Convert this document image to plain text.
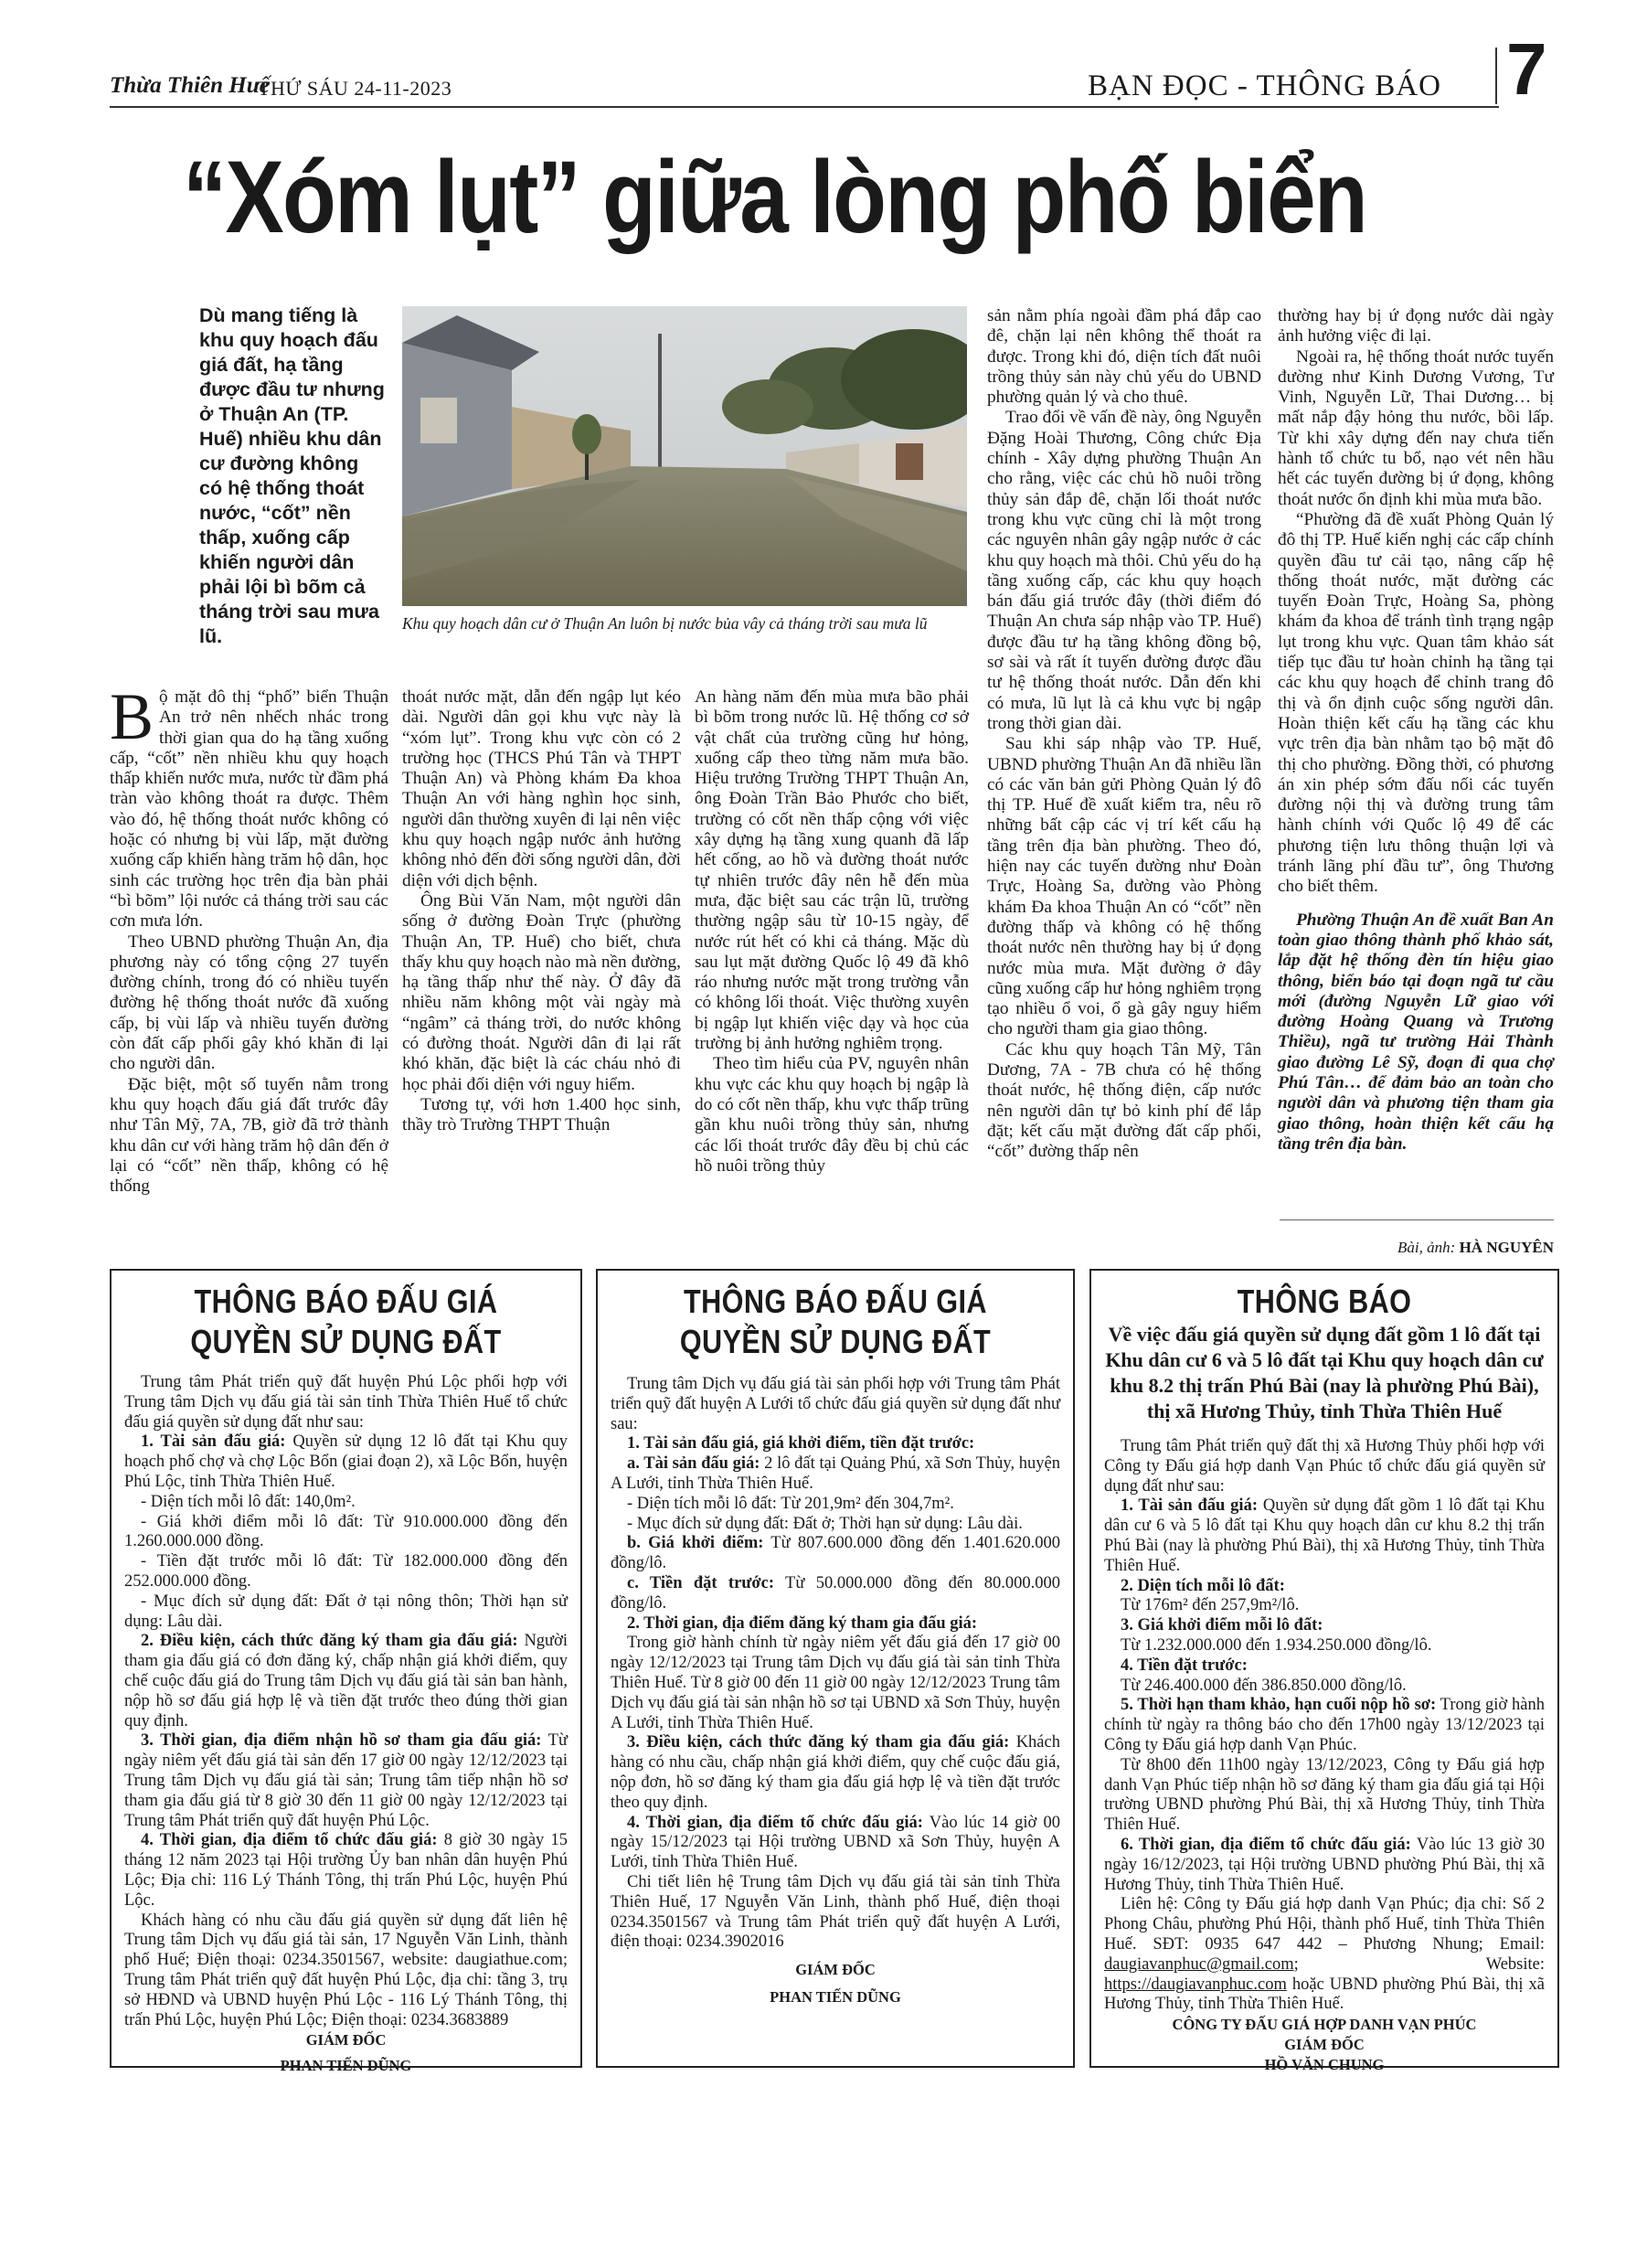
Thừa Thiên Huế
THỨ SÁU 24-11-2023	BẠN ĐỌC - THÔNG BÁO 7
“Xóm lụt” giữa lòng phố biển
Dù mang tiếng là khu quy hoạch đấu giá đất, hạ tầng được đầu tư nhưng ở Thuận An (TP. Huế) nhiều khu dân cư đường không có hệ thống thoát nước, “cốt” nền thấp, xuống cấp khiến người dân phải lội bì bõm cả tháng trời sau mưa lũ.
Khu quy hoạch dân cư ở Thuận An luôn bị nước bủa vây cả tháng trời sau mưa lũ

Bộ mặt đô thị “phố” biển Thuận An trở nên nhếch nhác trong thời gian qua do hạ tầng xuống cấp, “cốt” nền nhiều khu quy hoạch thấp khiến nước mưa, nước từ đầm phá tràn vào không thoát ra được. Thêm vào đó, hệ thống thoát nước không có hoặc có nhưng bị vùi lấp, mặt đường xuống cấp khiến hàng trăm hộ dân, học sinh các trường học trên địa bàn phải “bì bõm” lội nước cả tháng trời sau các cơn mưa lớn.

Theo UBND phường Thuận An, địa phương này có tổng cộng 27 tuyến đường chính, trong đó có nhiều tuyến đường hệ thống thoát nước đã xuống cấp, bị vùi lấp và nhiều tuyến đường còn đất cấp phối gây khó khăn đi lại cho người dân.

Đặc biệt, một số tuyến nằm trong khu quy hoạch đấu giá đất trước đây như Tân Mỹ, 7A, 7B, giờ đã trở thành khu dân cư với hàng trăm hộ dân đến ở lại có “cốt” nền thấp, không có hệ thống

thoát nước mặt, dẫn đến ngập lụt kéo dài. Người dân gọi khu vực này là “xóm lụt”. Trong khu vực còn có 2 trường học (THCS Phú Tân và THPT Thuận An) và Phòng khám Đa khoa Thuận An với hàng nghìn học sinh, người dân thường xuyên đi lại nên việc khu quy hoạch ngập nước ảnh hưởng không nhỏ đến đời sống người dân, đời diện với dịch bệnh.

Ông Bùi Văn Nam, một người dân sống ở đường Đoàn Trực (phường Thuận An, TP. Huế) cho biết, chưa thấy khu quy hoạch nào mà nền đường, hạ tầng thấp như thế này. Ở đây đã nhiều năm không một vài ngày mà “ngâm” cả tháng trời, do nước không có đường thoát. Người dân đi lại rất khó khăn, đặc biệt là các cháu nhỏ đi học phải đối diện với nguy hiểm.

Tương tự, với hơn 1.400 học sinh, thầy trò Trường THPT Thuận

An hàng năm đến mùa mưa bão phải bì bõm trong nước lũ. Hệ thống cơ sở vật chất của trường cũng hư hỏng, xuống cấp theo từng năm mưa bão. Hiệu trưởng Trường THPT Thuận An, ông Đoàn Trần Bảo Phước cho biết, trường có cốt nền thấp cộng với việc xây dựng hạ tầng xung quanh đã lấp hết cống, ao hồ và đường thoát nước tự nhiên trước đây nên hễ đến mùa mưa, đặc biệt sau các trận lũ, trường thường ngập sâu từ 10-15 ngày, để nước rút hết có khi cả tháng. Mặc dù sau lụt mặt đường Quốc lộ 49 đã khô ráo nhưng nước mặt trong trường vẫn có không lối thoát. Việc thường xuyên bị ngập lụt khiến việc dạy và học của trường bị ảnh hưởng nghiêm trọng.

Theo tìm hiểu của PV, nguyên nhân khu vực các khu quy hoạch bị ngập là do có cốt nền thấp, khu vực thấp trũng gần khu nuôi trồng thủy sản, nhưng các lối thoát trước đây đều bị chủ các hồ nuôi trồng thủy

sản nằm phía ngoài đầm phá đắp cao đê, chặn lại nên không thể thoát ra được. Trong khi đó, diện tích đất nuôi trồng thủy sản này chủ yếu do UBND phường quản lý và cho thuê.

Trao đổi về vấn đề này, ông Nguyễn Đặng Hoài Thương, Công chức Địa chính - Xây dựng phường Thuận An cho rằng, việc các chủ hồ nuôi trồng thủy sản đắp đê, chặn lối thoát nước trong khu vực cũng chỉ là một trong các nguyên nhân gây ngập nước ở các khu quy hoạch mà thôi. Chủ yếu do hạ tầng xuống cấp, các khu quy hoạch bán đấu giá trước đây (thời điểm đó Thuận An chưa sáp nhập vào TP. Huế) được đầu tư hạ tầng không đồng bộ, sơ sài và rất ít tuyến đường được đầu tư hệ thống thoát nước. Dẫn đến khi có mưa, lũ lụt là cả khu vực bị ngập trong thời gian dài.

Sau khi sáp nhập vào TP. Huế, UBND phường Thuận An đã nhiều lần có các văn bản gửi Phòng Quản lý đô thị TP. Huế đề xuất kiểm tra, nêu rõ những bất cập các vị trí kết cấu hạ tầng trên địa bàn phường. Theo đó, hiện nay các tuyến đường như Đoàn Trực, Hoàng Sa, đường vào Phòng khám Đa khoa Thuận An có “cốt” nền đường thấp và không có hệ thống thoát nước nên thường hay bị ứ đọng nước mùa mưa. Mặt đường ở đây cũng xuống cấp hư hỏng nghiêm trọng tạo nhiều ổ voi, ổ gà gây nguy hiểm cho người tham gia giao thông.

Các khu quy hoạch Tân Mỹ, Tân Dương, 7A - 7B chưa có hệ thống thoát nước, hệ thống điện, cấp nước nên người dân tự bỏ kinh phí để lắp đặt; kết cấu mặt đường đất cấp phối, “cốt” đường thấp nên

thường hay bị ứ đọng nước dài ngày ảnh hưởng việc đi lại.

Ngoài ra, hệ thống thoát nước tuyến đường như Kinh Dương Vương, Tư Vinh, Nguyễn Lữ, Thai Dương… bị mất nắp đậy hỏng thu nước, bồi lấp. Từ khi xây dựng đến nay chưa tiến hành tổ chức tu bổ, nạo vét nên hầu hết các tuyến đường bị ứ đọng, không thoát nước ổn định khi mùa mưa bão.

“Phường đã đề xuất Phòng Quản lý đô thị TP. Huế kiến nghị các cấp chính quyền đầu tư cải tạo, nâng cấp hệ thống thoát nước, mặt đường các tuyến Đoàn Trực, Hoàng Sa, phòng khám đa khoa để tránh tình trạng ngập lụt trong khu vực. Quan tâm khảo sát tiếp tục đầu tư hoàn chỉnh hạ tầng tại các khu quy hoạch để chỉnh trang đô thị và ổn định cuộc sống người dân. Hoàn thiện kết cấu hạ tầng các khu vực trên địa bàn nhằm tạo bộ mặt đô thị cho phường. Đồng thời, có phương án xin phép sớm đấu nối các tuyến đường nội thị và đường trung tâm hành chính với Quốc lộ 49 để các phương tiện lưu thông thuận lợi và tránh lãng phí đầu tư”, ông Thương cho biết thêm.

Phường Thuận An đề xuất Ban An toàn giao thông thành phố khảo sát, lắp đặt hệ thống đèn tín hiệu giao thông, biển báo tại đoạn ngã tư cầu mới (đường Nguyễn Lữ giao với đường Hoàng Quang và Trương Thiều), ngã tư trường Hải Thành giao đường Lê Sỹ, đoạn đi qua chợ Phú Tân… để đảm bảo an toàn cho người dân và phương tiện tham gia giao thông, hoàn thiện kết cấu hạ tầng trên địa bàn.

Bài, ảnh: HÀ NGUYÊN
THÔNG BÁO ĐẤU GIÁ
QUYỀN SỬ DỤNG ĐẤT

Trung tâm Phát triển quỹ đất huyện Phú Lộc phối hợp với Trung tâm Dịch vụ đấu giá tài sản tỉnh Thừa Thiên Huế tổ chức đấu giá quyền sử dụng đất như sau:

1. Tài sản đấu giá: Quyền sử dụng 12 lô đất tại Khu quy hoạch phố chợ và chợ Lộc Bổn (giai đoạn 2), xã Lộc Bổn, huyện Phú Lộc, tỉnh Thừa Thiên Huế.

- Diện tích mỗi lô đất: 140,0m².

- Giá khởi điểm mỗi lô đất: Từ 910.000.000 đồng đến 1.260.000.000 đồng.

- Tiền đặt trước mỗi lô đất: Từ 182.000.000 đồng đến 252.000.000 đồng.

- Mục đích sử dụng đất: Đất ở tại nông thôn; Thời hạn sử dụng: Lâu dài.

2. Điều kiện, cách thức đăng ký tham gia đấu giá: Người tham gia đấu giá có đơn đăng ký, chấp nhận giá khởi điểm, quy chế cuộc đấu giá do Trung tâm Dịch vụ đấu giá tài sản ban hành, nộp hồ sơ đấu giá hợp lệ và tiền đặt trước theo đúng thời gian quy định.

3. Thời gian, địa điểm nhận hồ sơ tham gia đấu giá: Từ ngày niêm yết đấu giá tài sản đến 17 giờ 00 ngày 12/12/2023 tại Trung tâm Dịch vụ đấu giá tài sản; Trung tâm tiếp nhận hồ sơ tham gia đấu giá từ 8 giờ 30 đến 11 giờ 00 ngày 12/12/2023 tại Trung tâm Phát triển quỹ đất huyện Phú Lộc.

4. Thời gian, địa điểm tổ chức đấu giá: 8 giờ 30 ngày 15 tháng 12 năm 2023 tại Hội trường Ủy ban nhân dân huyện Phú Lộc; Địa chỉ: 116 Lý Thánh Tông, thị trấn Phú Lộc, huyện Phú Lộc.

Khách hàng có nhu cầu đấu giá quyền sử dụng đất liên hệ Trung tâm Dịch vụ đấu giá tài sản, 17 Nguyễn Văn Linh, thành phố Huế; Điện thoại: 0234.3501567, website: daugiathue.com; Trung tâm Phát triển quỹ đất huyện Phú Lộc, địa chỉ: tầng 3, trụ sở HĐND và UBND huyện Phú Lộc - 116 Lý Thánh Tông, thị trấn Phú Lộc, huyện Phú Lộc; Điện thoại: 0234.3683889

GIÁM ĐỐC

PHAN TIẾN DŨNG

THÔNG BÁO ĐẤU GIÁ
QUYỀN SỬ DỤNG ĐẤT

Trung tâm Dịch vụ đấu giá tài sản phối hợp với Trung tâm Phát triển quỹ đất huyện A Lưới tổ chức đấu giá quyền sử dụng đất như sau:

1. Tài sản đấu giá, giá khởi điểm, tiền đặt trước:

a. Tài sản đấu giá: 2 lô đất tại Quảng Phú, xã Sơn Thủy, huyện A Lưới, tỉnh Thừa Thiên Huế.

- Diện tích mỗi lô đất: Từ 201,9m² đến 304,7m².

- Mục đích sử dụng đất: Đất ở; Thời hạn sử dụng: Lâu dài.

b. Giá khởi điểm: Từ 807.600.000 đồng đến 1.401.620.000 đồng/lô.

c. Tiền đặt trước: Từ 50.000.000 đồng đến 80.000.000 đồng/lô.

2. Thời gian, địa điểm đăng ký tham gia đấu giá:

Trong giờ hành chính từ ngày niêm yết đấu giá đến 17 giờ 00 ngày 12/12/2023 tại Trung tâm Dịch vụ đấu giá tài sản tỉnh Thừa Thiên Huế. Từ 8 giờ 00 đến 11 giờ 00 ngày 12/12/2023 Trung tâm Dịch vụ đấu giá tài sản nhận hồ sơ tại UBND xã Sơn Thủy, huyện A Lưới, tỉnh Thừa Thiên Huế.

3. Điều kiện, cách thức đăng ký tham gia đấu giá: Khách hàng có nhu cầu, chấp nhận giá khởi điểm, quy chế cuộc đấu giá, nộp đơn, hồ sơ đăng ký tham gia đấu giá hợp lệ và tiền đặt trước theo quy định.

4. Thời gian, địa điểm tổ chức đấu giá: Vào lúc 14 giờ 00 ngày 15/12/2023 tại Hội trường UBND xã Sơn Thủy, huyện A Lưới, tỉnh Thừa Thiên Huế.

Chi tiết liên hệ Trung tâm Dịch vụ đấu giá tài sản tỉnh Thừa Thiên Huế, 17 Nguyễn Văn Linh, thành phố Huế, điện thoại 0234.3501567 và Trung tâm Phát triển quỹ đất huyện A Lưới, điện thoại: 0234.3902016

GIÁM ĐỐC

PHAN TIẾN DŨNG

THÔNG BÁO
Về việc đấu giá quyền sử dụng đất gồm 1 lô đất tại Khu dân cư 6 và 5 lô đất tại Khu quy hoạch dân cư khu 8.2 thị trấn Phú Bài (nay là phường Phú Bài), thị xã Hương Thủy, tỉnh Thừa Thiên Huế

Trung tâm Phát triển quỹ đất thị xã Hương Thủy phối hợp với Công ty Đấu giá hợp danh Vạn Phúc tổ chức đấu giá quyền sử dụng đất như sau:

1. Tài sản đấu giá: Quyền sử dụng đất gồm 1 lô đất tại Khu dân cư 6 và 5 lô đất tại Khu quy hoạch dân cư khu 8.2 thị trấn Phú Bài (nay là phường Phú Bài), thị xã Hương Thủy, tỉnh Thừa Thiên Huế.

2. Diện tích mỗi lô đất:

Từ 176m² đến 257,9m²/lô.

3. Giá khởi điểm mỗi lô đất:

Từ 1.232.000.000 đến 1.934.250.000 đồng/lô.

4. Tiền đặt trước:

Từ 246.400.000 đến 386.850.000 đồng/lô.

5. Thời hạn tham khảo, hạn cuối nộp hồ sơ: Trong giờ hành chính từ ngày ra thông báo cho đến 17h00 ngày 13/12/2023 tại Công ty Đấu giá hợp danh Vạn Phúc.

Từ 8h00 đến 11h00 ngày 13/12/2023, Công ty Đấu giá hợp danh Vạn Phúc tiếp nhận hồ sơ đăng ký tham gia đấu giá tại Hội trường UBND phường Phú Bài, thị xã Hương Thủy, tỉnh Thừa Thiên Huế.

6. Thời gian, địa điểm tổ chức đấu giá: Vào lúc 13 giờ 30 ngày 16/12/2023, tại Hội trường UBND phường Phú Bài, thị xã Hương Thủy, tỉnh Thừa Thiên Huế.

Liên hệ: Công ty Đấu giá hợp danh Vạn Phúc; địa chỉ: Số 2 Phong Châu, phường Phú Hội, thành phố Huế, tỉnh Thừa Thiên Huế. SĐT: 0935 647 442 – Phương Nhung; Email: daugiavanphuc@gmail.com; Website: https://daugiavanphuc.com hoặc UBND phường Phú Bài, thị xã Hương Thủy, tỉnh Thừa Thiên Huế.

CÔNG TY ĐẤU GIÁ HỢP DANH VẠN PHÚC

GIÁM ĐỐC

HỒ VĂN CHUNG
